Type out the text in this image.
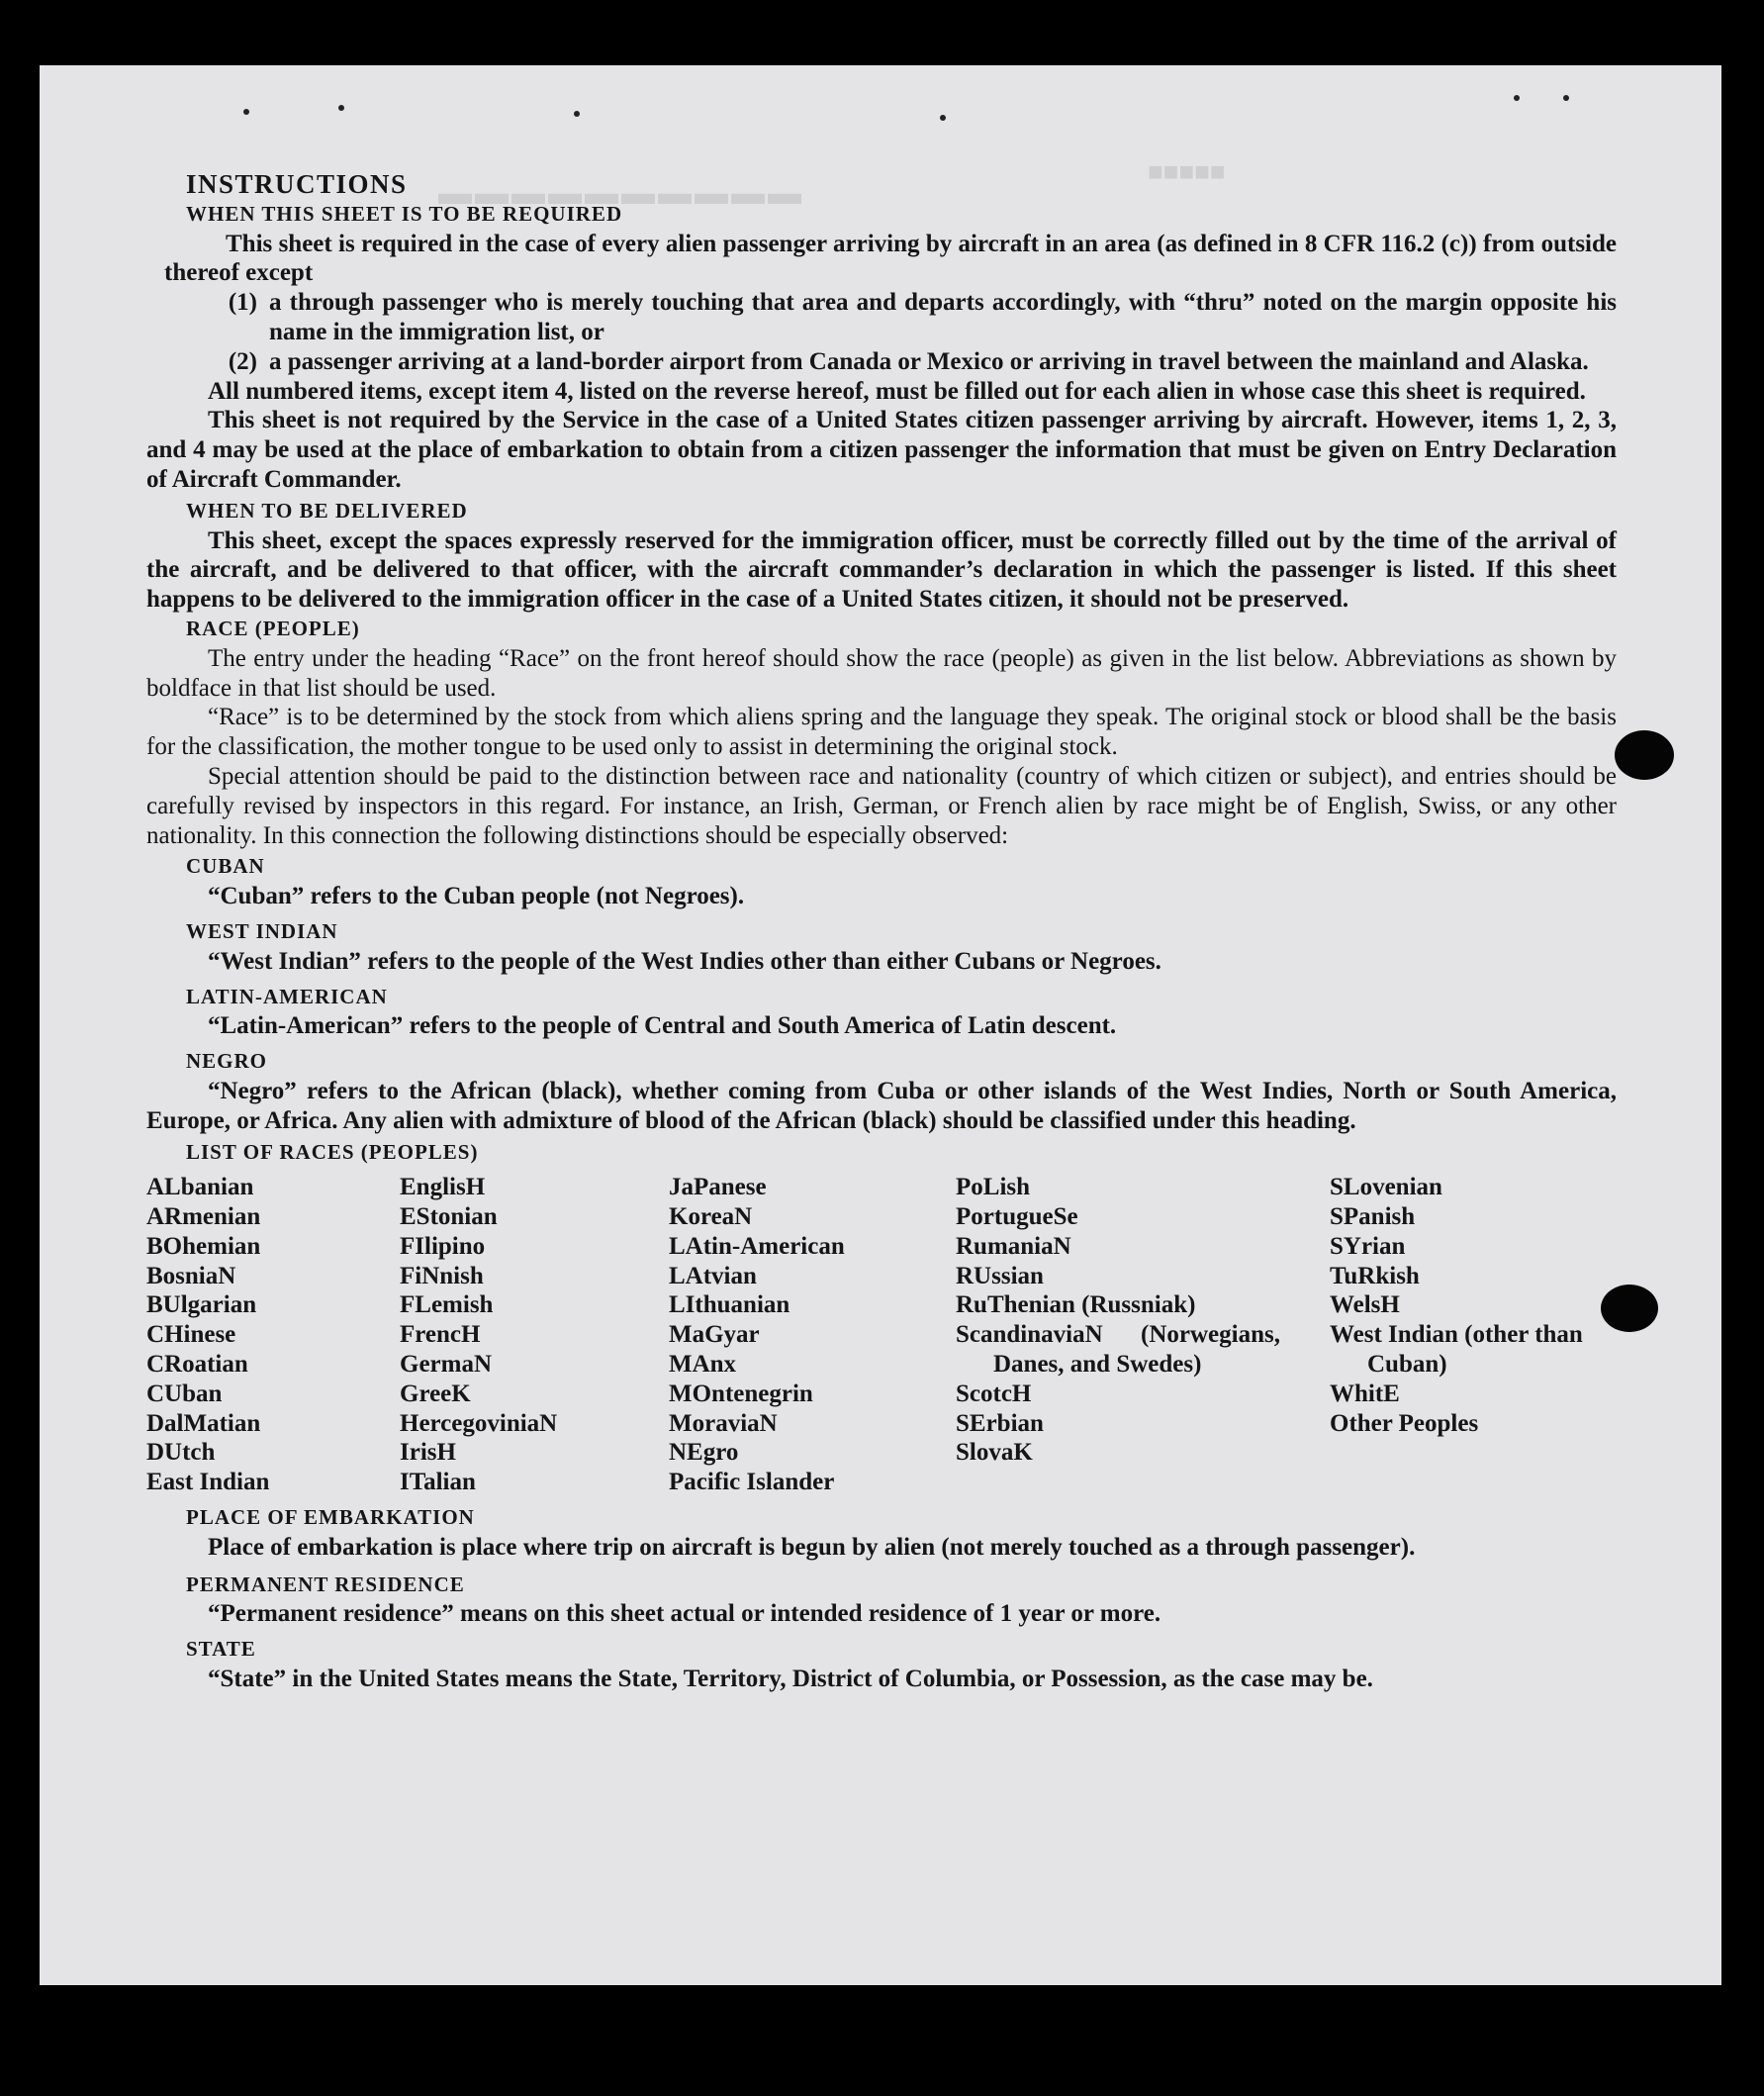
■■■■■
▬▬▬▬▬▬▬▬▬▬

INSTRUCTIONS

WHEN THIS SHEET IS TO BE REQUIRED

This sheet is required in the case of every alien passenger arriving by aircraft in an area (as defined in 8 CFR 116.2 (c)) from outside thereof except

(1) a through passenger who is merely touching that area and departs accordingly, with “thru” noted on the margin opposite his name in the immigration list, or
(2) a passenger arriving at a land-border airport from Canada or Mexico or arriving in travel between the mainland and Alaska.

All numbered items, except item 4, listed on the reverse hereof, must be filled out for each alien in whose case this sheet is required.

This sheet is not required by the Service in the case of a United States citizen passenger arriving by aircraft. However, items 1, 2, 3, and 4 may be used at the place of embarkation to obtain from a citizen passenger the information that must be given on Entry Declaration of Aircraft Commander.

WHEN TO BE DELIVERED

This sheet, except the spaces expressly reserved for the immigration officer, must be correctly filled out by the time of the arrival of the aircraft, and be delivered to that officer, with the aircraft commander’s declaration in which the passenger is listed. If this sheet happens to be delivered to the immigration officer in the case of a United States citizen, it should not be preserved.

RACE (PEOPLE)

The entry under the heading “Race” on the front hereof should show the race (people) as given in the list below. Abbreviations as shown by boldface in that list should be used.

“Race” is to be determined by the stock from which aliens spring and the language they speak. The original stock or blood shall be the basis for the classification, the mother tongue to be used only to assist in determining the original stock.

Special attention should be paid to the distinction between race and nationality (country of which citizen or subject), and entries should be carefully revised by inspectors in this regard. For instance, an Irish, German, or French alien by race might be of English, Swiss, or any other nationality. In this connection the following distinctions should be especially observed:

CUBAN

“Cuban” refers to the Cuban people (not Negroes).

WEST INDIAN

“West Indian” refers to the people of the West Indies other than either Cubans or Negroes.

LATIN-AMERICAN

“Latin-American” refers to the people of Central and South America of Latin descent.

NEGRO

“Negro” refers to the African (black), whether coming from Cuba or other islands of the West Indies, North or South America, Europe, or Africa. Any alien with admixture of blood of the African (black) should be classified under this heading.

LIST OF RACES (PEOPLES)

ALbanian
ARmenian
BOhemian
BosniaN
BUlgarian
CHinese
CRoatian
CUban
DalMatian
DUtch
East Indian
EnglisH
EStonian
FIlipino
FiNnish
FLemish
FrencH
GermaN
GreeK
HercegoviniaN
IrisH
ITalian
JaPanese
KoreaN
LAtin-American
LAtvian
LIthuanian
MaGyar
MAnx
MOntenegrin
MoraviaN
NEgro
Pacific Islander
PoLish
PortugueSe
RumaniaN
RUssian
RuThenian (Russniak)
ScandinaviaN (Norwegians, Danes, and Swedes)
ScotcH
SErbian
SlovaK
SLovenian
SPanish
SYrian
TuRkish
WelsH
West Indian (other than Cuban)
WhitE
Other Peoples

PLACE OF EMBARKATION

Place of embarkation is place where trip on aircraft is begun by alien (not merely touched as a through passenger).

PERMANENT RESIDENCE

“Permanent residence” means on this sheet actual or intended residence of 1 year or more.

STATE

“State” in the United States means the State, Territory, District of Columbia, or Possession, as the case may be.
